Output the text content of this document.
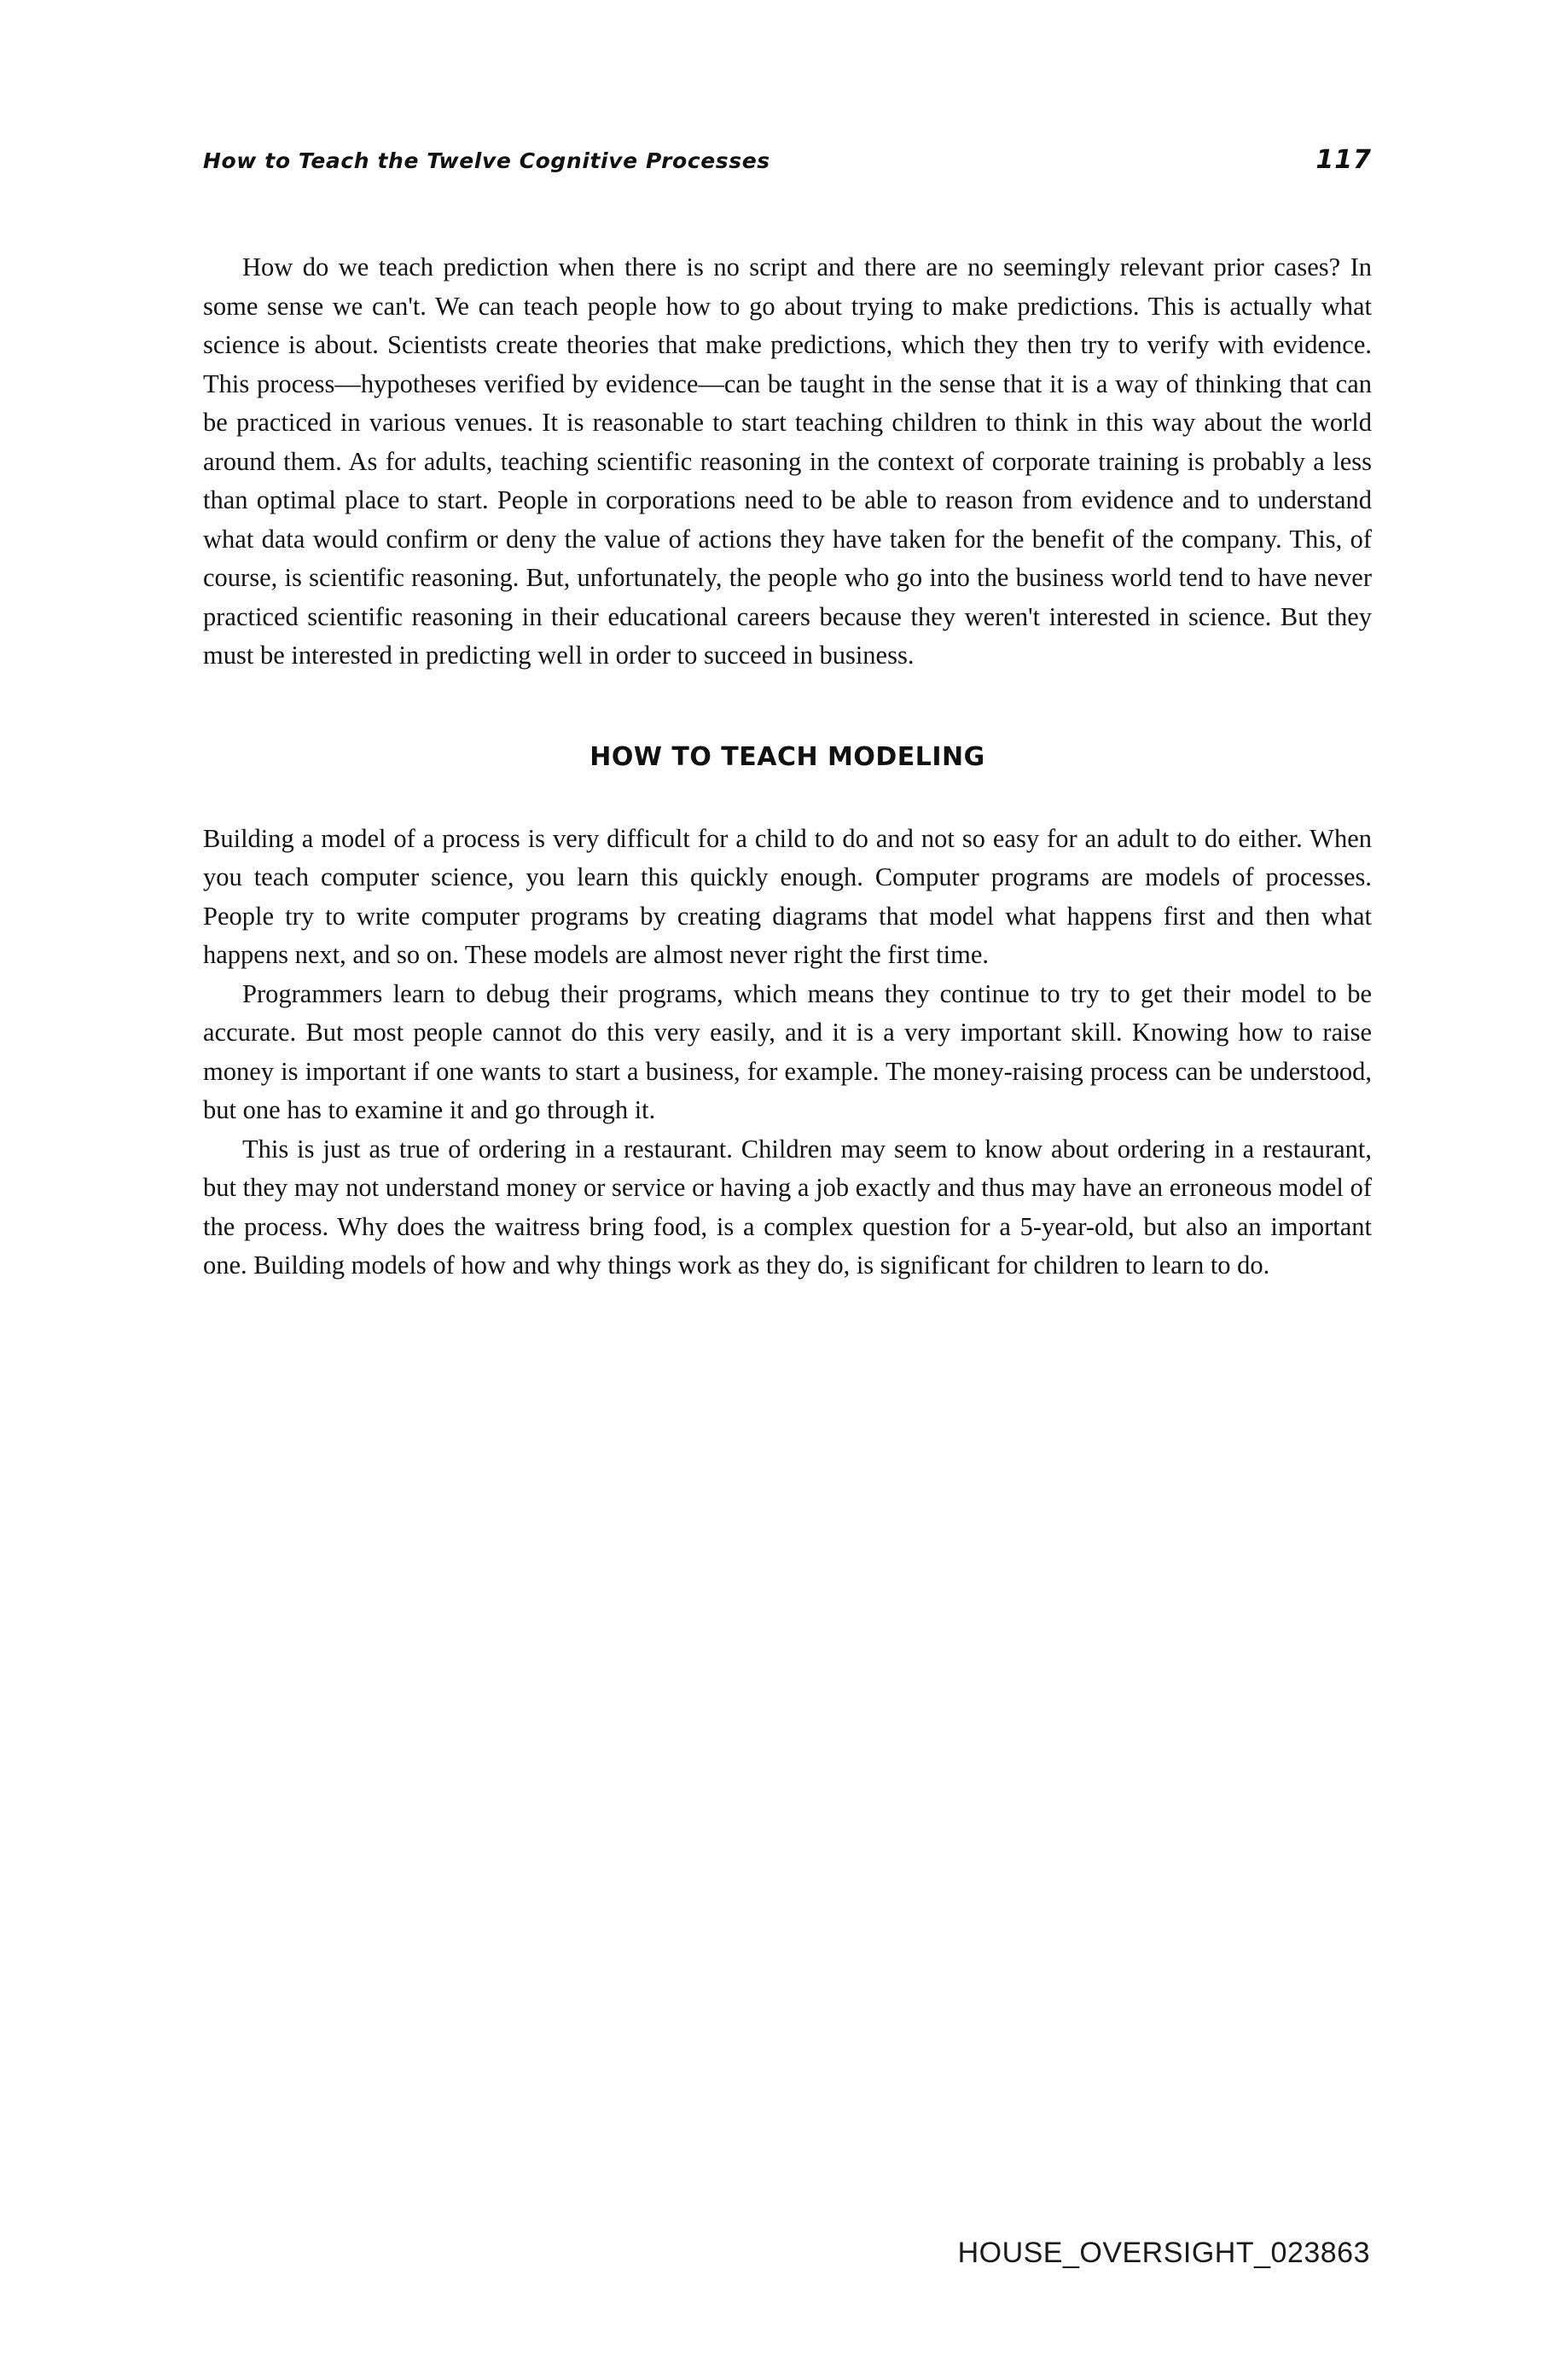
How to Teach the Twelve Cognitive Processes	117

How do we teach prediction when there is no script and there are no seemingly relevant prior cases? In some sense we can't. We can teach people how to go about trying to make predictions. This is actually what science is about. Scientists create theories that make predictions, which they then try to verify with evidence. This process—hypotheses verified by evidence—can be taught in the sense that it is a way of thinking that can be practiced in various venues. It is reasonable to start teaching children to think in this way about the world around them. As for adults, teaching scientific reasoning in the context of corporate training is probably a less than optimal place to start. People in corporations need to be able to reason from evidence and to understand what data would confirm or deny the value of actions they have taken for the benefit of the company. This, of course, is scientific reasoning. But, unfortunately, the people who go into the business world tend to have never practiced scientific reasoning in their educational careers because they weren't interested in science. But they must be interested in predicting well in order to succeed in business.

HOW TO TEACH MODELING

Building a model of a process is very difficult for a child to do and not so easy for an adult to do either. When you teach computer science, you learn this quickly enough. Computer programs are models of processes. People try to write computer programs by creating diagrams that model what happens first and then what happens next, and so on. These models are almost never right the first time.

Programmers learn to debug their programs, which means they continue to try to get their model to be accurate. But most people cannot do this very easily, and it is a very important skill. Knowing how to raise money is important if one wants to start a business, for example. The money-raising process can be understood, but one has to examine it and go through it.

This is just as true of ordering in a restaurant. Children may seem to know about ordering in a restaurant, but they may not understand money or service or having a job exactly and thus may have an erroneous model of the process. Why does the waitress bring food, is a complex question for a 5-year-old, but also an important one. Building models of how and why things work as they do, is significant for children to learn to do.

HOUSE_OVERSIGHT_023863
